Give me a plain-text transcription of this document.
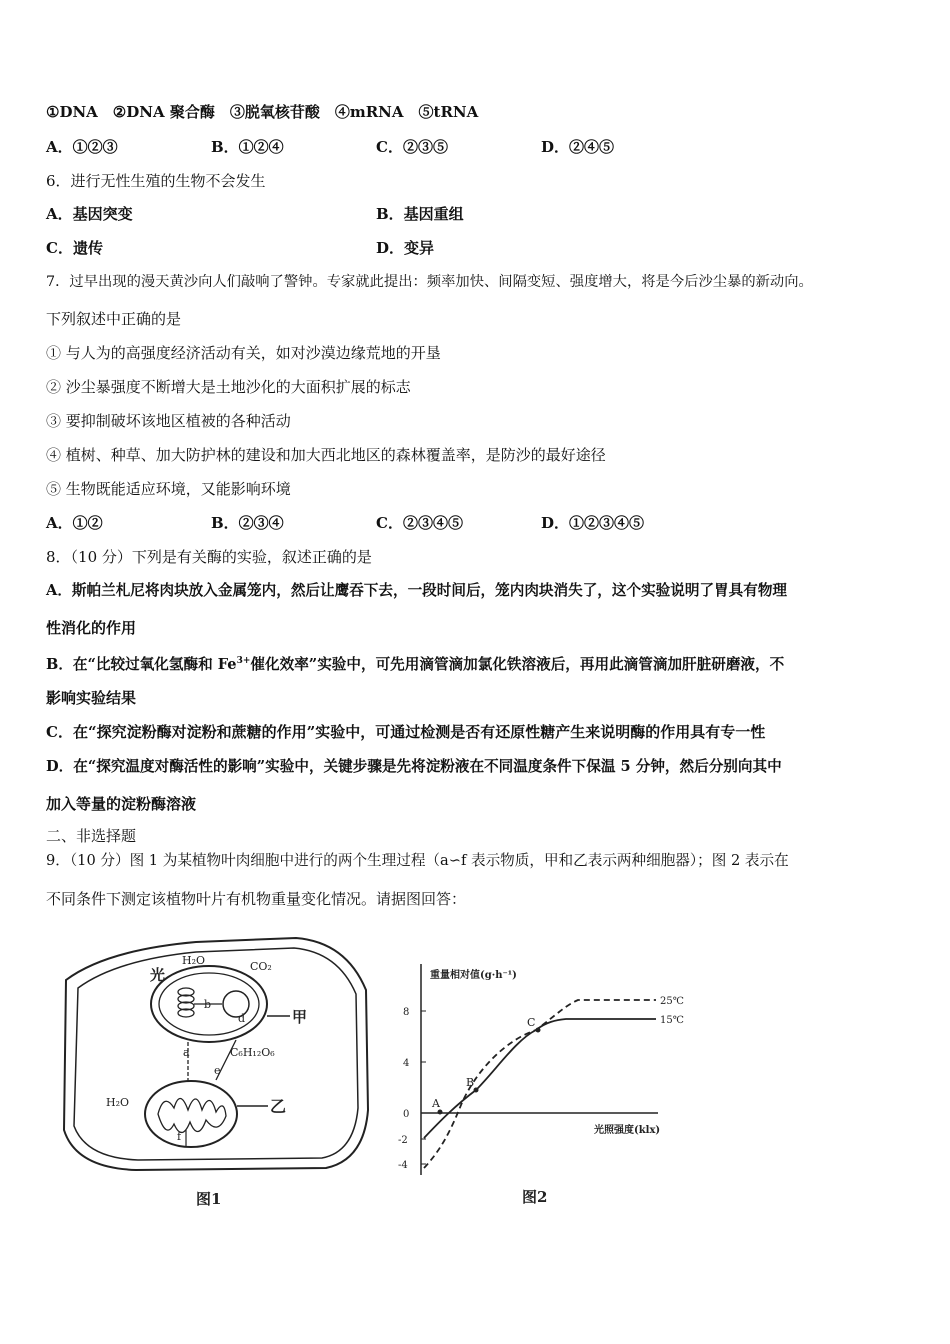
①DNA　②DNA 聚合酶　③脱氧核苷酸　④mRNA　⑤tRNA
A．①②③	B．①②④	C．②③⑤	D．②④⑤
6．进行无性生殖的生物不会发生
A．基因突变	B．基因重组
C．遗传	D．变异
7．过早出现的漫天黄沙向人们敲响了警钟。专家就此提出：频率加快、间隔变短、强度增大，将是今后沙尘暴的新动向。
下列叙述中正确的是
① 与人为的高强度经济活动有关，如对沙漠边缘荒地的开垦
② 沙尘暴强度不断增大是土地沙化的大面积扩展的标志
③ 要抑制破坏该地区植被的各种活动
④ 植树、种草、加大防护林的建设和加大西北地区的森林覆盖率，是防沙的最好途径
⑤ 生物既能适应环境，又能影响环境
A．①②	B．②③④	C．②③④⑤	D．①②③④⑤
8．（10 分）下列是有关酶的实验，叙述正确的是
A．斯帕兰札尼将肉块放入金属笼内，然后让鹰吞下去，一段时间后，笼内肉块消失了，这个实验说明了胃具有物理
性消化的作用
B．在“比较过氧化氢酶和 $Fe^{3+}$催化效率”实验中，可先用滴管滴加氯化铁溶液后，再用此滴管滴加肝脏研磨液，不
影响实验结果
C．在“探究淀粉酶对淀粉和蔗糖的作用”实验中，可通过检测是否有还原性糖产生来说明酶的作用具有专一性
D．在“探究温度对酶活性的影响”实验中，关键步骤是先将淀粉液在不同温度条件下保温 5 分钟，然后分别向其中
加入等量的淀粉酶溶液
二、非选择题
9．（10 分）图 1 为某植物叶肉细胞中进行的两个生理过程（a∽f 表示物质，甲和乙表示两种细胞器）；图 2 表示在
不同条件下测定该植物叶片有机物重量变化情况。请据图回答：
H₂O
光	CO₂
b
d	甲
a	C₆H₁₂O₆
e
H₂O	乙
f
图1
重量相对值(g·h⁻¹)
8
4
0
-2
-4
A
B
C
25℃
15℃
光照强度(klx)
图2
